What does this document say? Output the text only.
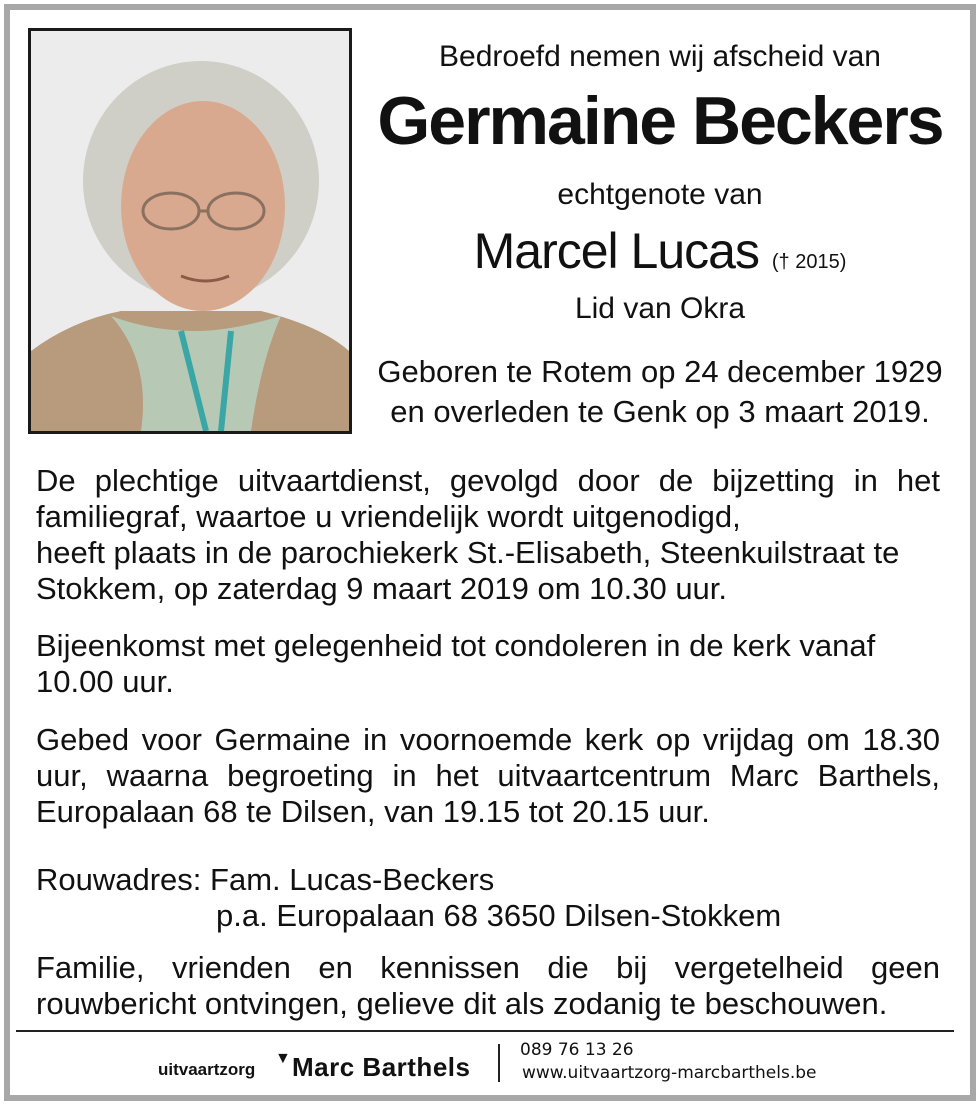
Bedroefd nemen wij afscheid van
Germaine Beckers
echtgenote van
Marcel Lucas († 2015)
Lid van Okra
Geboren te Rotem op 24 december 1929
en overleden te Genk op 3 maart 2019.
De plechtige uitvaartdienst, gevolgd door de bijzetting in het familiegraf, waartoe u vriendelijk wordt uitgenodigd,
heeft plaats in de parochiekerk St.-Elisabeth, Steenkuilstraat te Stokkem, op zaterdag 9 maart 2019 om 10.30 uur.
Bijeenkomst met gelegenheid tot condoleren in de kerk vanaf 10.00 uur.
Gebed voor Germaine in voornoemde kerk op vrijdag om 18.30 uur, waarna begroeting in het uitvaartcentrum Marc Barthels, Europalaan 68 te Dilsen, van 19.15 tot 20.15 uur.
Rouwadres: Fam. Lucas-Beckers
p.a. Europalaan 68 3650 Dilsen-Stokkem
Familie, vrienden en kennissen die bij vergetelheid geen rouwbericht ontvingen, gelieve dit als zodanig te beschouwen.
uitvaartzorg
▼ Marc Barthels
089 76 13 26
www.uitvaartzorg-marcbarthels.be
